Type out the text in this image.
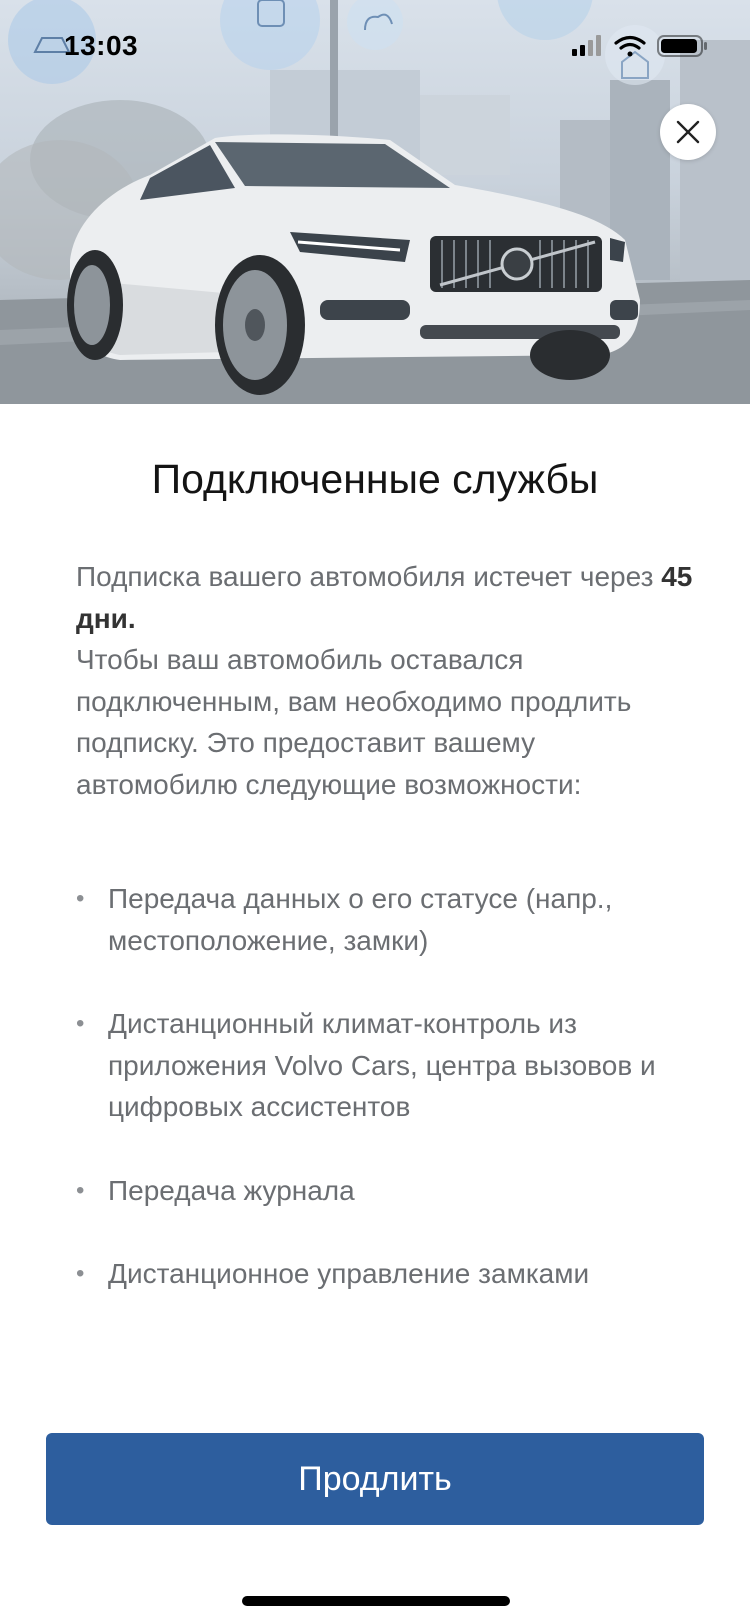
13:03
Подключенные службы
Подписка вашего автомобиля истечет через 45 дни.
Чтобы ваш автомобиль оставался подключенным, вам необходимо продлить подписку. Это предоставит вашему автомобилю следующие возможности:
• Передача данных о его статусе (напр., местоположение, замки)
• Дистанционный климат-контроль из приложения Volvo Cars, центра вызовов и цифровых ассистентов
• Передача журнала
• Дистанционное управление замками
Продлить
